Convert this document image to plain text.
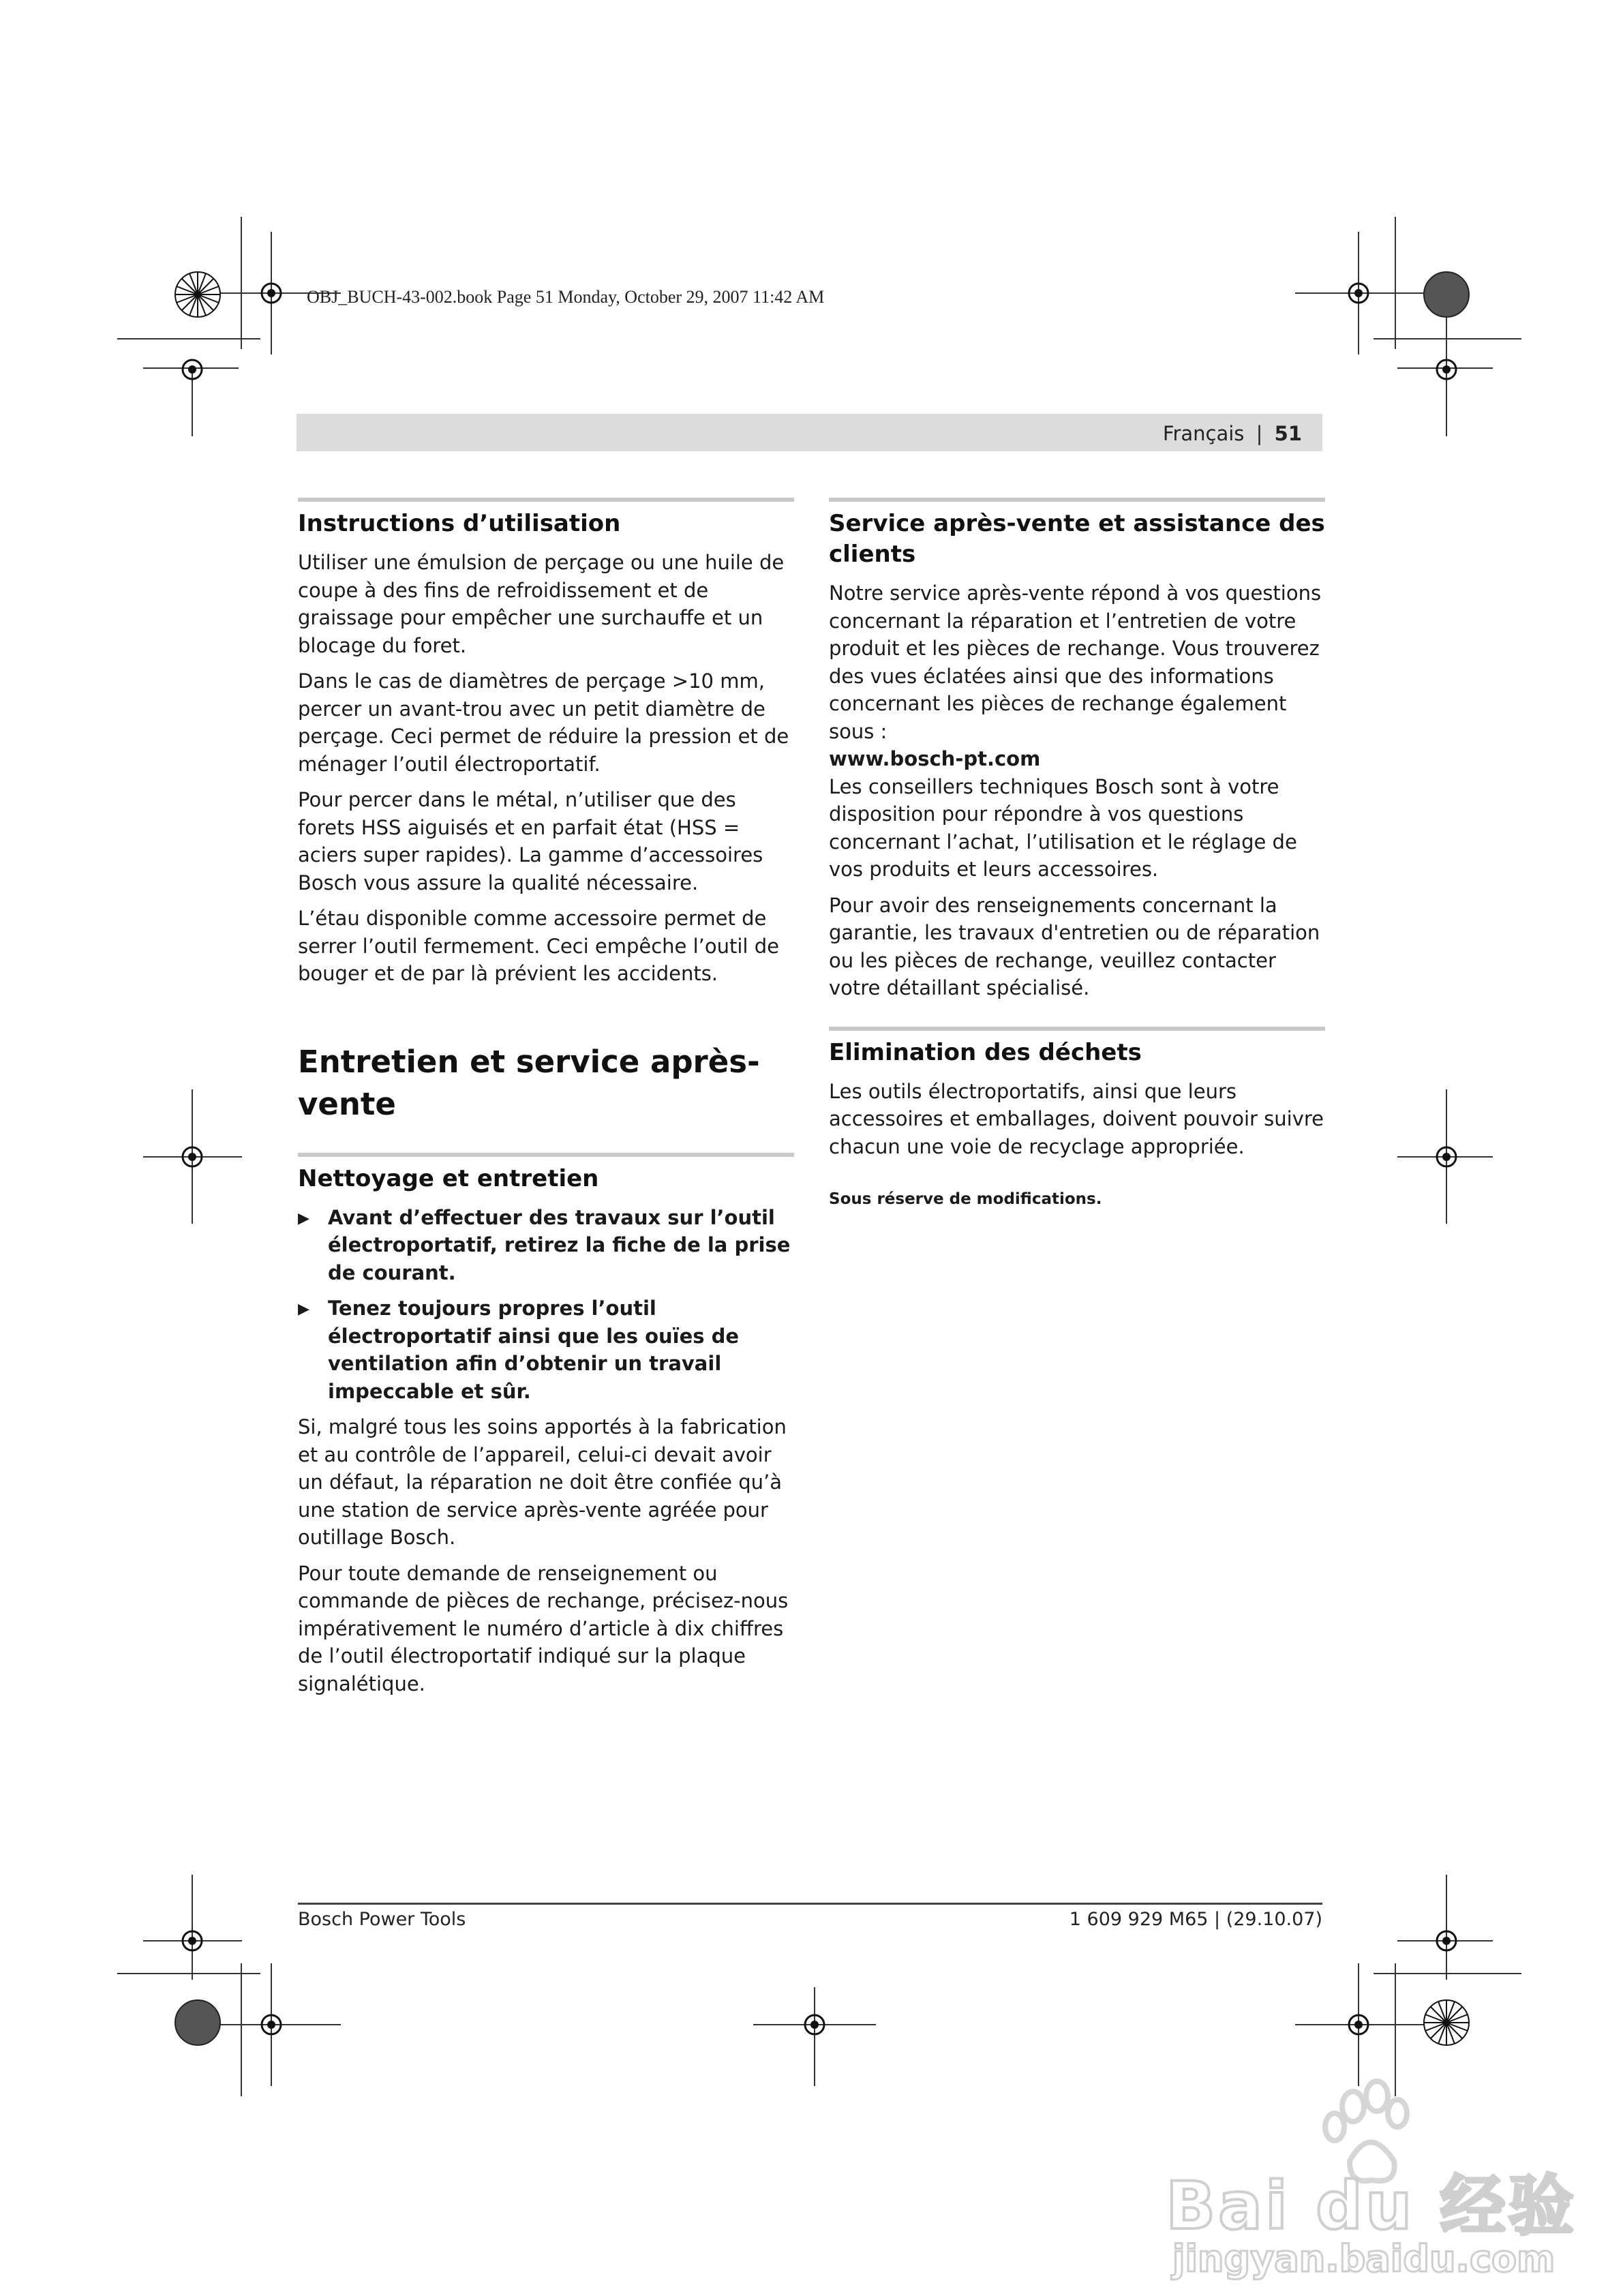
OBJ_BUCH-43-002.book Page 51 Monday, October 29, 2007 11:42 AM
Français | 51
Instructions d’utilisation

Utiliser une émulsion de perçage ou une huile de coupe à des fins de refroidissement et de graissage pour empêcher une surchauffe et un blocage du foret.

Dans le cas de diamètres de perçage >10 mm, percer un avant-trou avec un petit diamètre de perçage. Ceci permet de réduire la pression et de ménager l’outil électroportatif.

Pour percer dans le métal, n’utiliser que des forets HSS aiguisés et en parfait état (HSS = aciers super rapides). La gamme d’accessoires Bosch vous assure la qualité nécessaire.

L’étau disponible comme accessoire permet de serrer l’outil fermement. Ceci empêche l’outil de bouger et de par là prévient les accidents.

Entretien et service après-vente
Nettoyage et entretien
▶ Avant d’effectuer des travaux sur l’outil électroportatif, retirez la fiche de la prise de courant.
▶ Tenez toujours propres l’outil électroportatif ainsi que les ouïes de ventilation afin d’obtenir un travail impeccable et sûr.

Si, malgré tous les soins apportés à la fabrication et au contrôle de l’appareil, celui-ci devait avoir un défaut, la réparation ne doit être confiée qu’à une station de service après-vente agréée pour outillage Bosch.

Pour toute demande de renseignement ou commande de pièces de rechange, précisez-nous impérativement le numéro d’article à dix chiffres de l’outil électroportatif indiqué sur la plaque signalétique.

Service après-vente et assistance des clients

Notre service après-vente répond à vos questions concernant la réparation et l’entretien de votre produit et les pièces de rechange. Vous trouverez des vues éclatées ainsi que des informations concernant les pièces de rechange également sous :
www.bosch-pt.com

Les conseillers techniques Bosch sont à votre disposition pour répondre à vos questions concernant l’achat, l’utilisation et le réglage de vos produits et leurs accessoires.

Pour avoir des renseignements concernant la garantie, les travaux d'entretien ou de réparation ou les pièces de rechange, veuillez contacter votre détaillant spécialisé.

Elimination des déchets

Les outils électroportatifs, ainsi que leurs accessoires et emballages, doivent pouvoir suivre chacun une voie de recyclage appropriée.

Sous réserve de modifications.
Bosch Power Tools	1 609 929 M65 | (29.10.07)
Bai du 经验
jingyan.baidu.com
